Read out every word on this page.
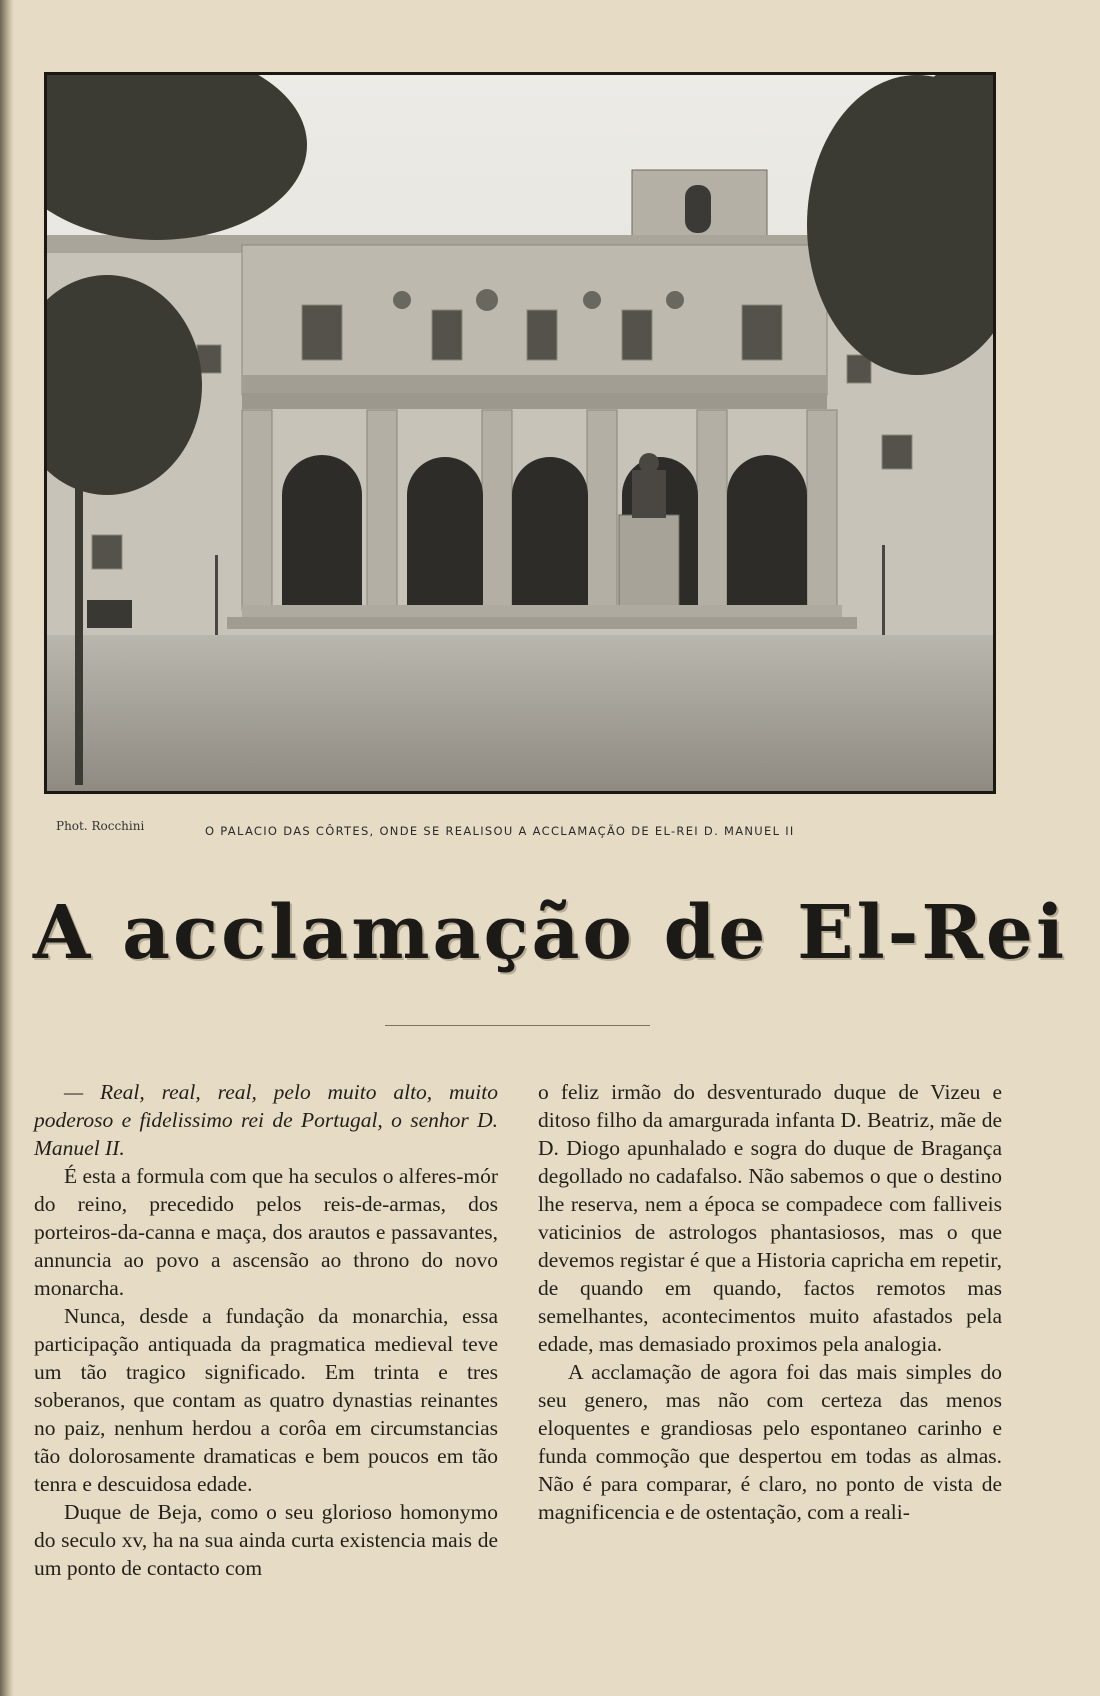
Phot. Rocchini	O PALACIO DAS CÔRTES, ONDE SE REALISOU A ACCLAMAÇÃO DE EL-REI D. MANUEL II
A acclamação de El-Rei

— Real, real, real, pelo muito alto, muito poderoso e fidelissimo rei de Portugal, o senhor D. Manuel II.

É esta a formula com que ha seculos o alferes-mór do reino, precedido pelos reis-de-armas, dos porteiros-da-canna e maça, dos arautos e passavantes, annuncia ao povo a ascensão ao throno do novo monarcha.

Nunca, desde a fundação da monarchia, essa participação antiquada da pragmatica medieval teve um tão tragico significado. Em trinta e tres soberanos, que contam as quatro dynastias reinantes no paiz, nenhum herdou a corôa em circumstancias tão dolorosamente dramaticas e bem poucos em tão tenra e descuidosa edade.

Duque de Beja, como o seu glorioso homonymo do seculo xv, ha na sua ainda curta existencia mais de um ponto de contacto com

o feliz irmão do desventurado duque de Vizeu e ditoso filho da amargurada infanta D. Beatriz, mãe de D. Diogo apunhalado e sogra do duque de Bragança degollado no cadafalso. Não sabemos o que o destino lhe reserva, nem a época se compadece com falliveis vaticinios de astrologos phantasiosos, mas o que devemos registar é que a Historia capricha em repetir, de quando em quando, factos remotos mas semelhantes, acontecimentos muito afastados pela edade, mas demasiado proximos pela analogia.

A acclamação de agora foi das mais simples do seu genero, mas não com certeza das menos eloquentes e grandiosas pelo espontaneo carinho e funda commoção que despertou em todas as almas. Não é para comparar, é claro, no ponto de vista de magnificencia e de ostentação, com a reali-
